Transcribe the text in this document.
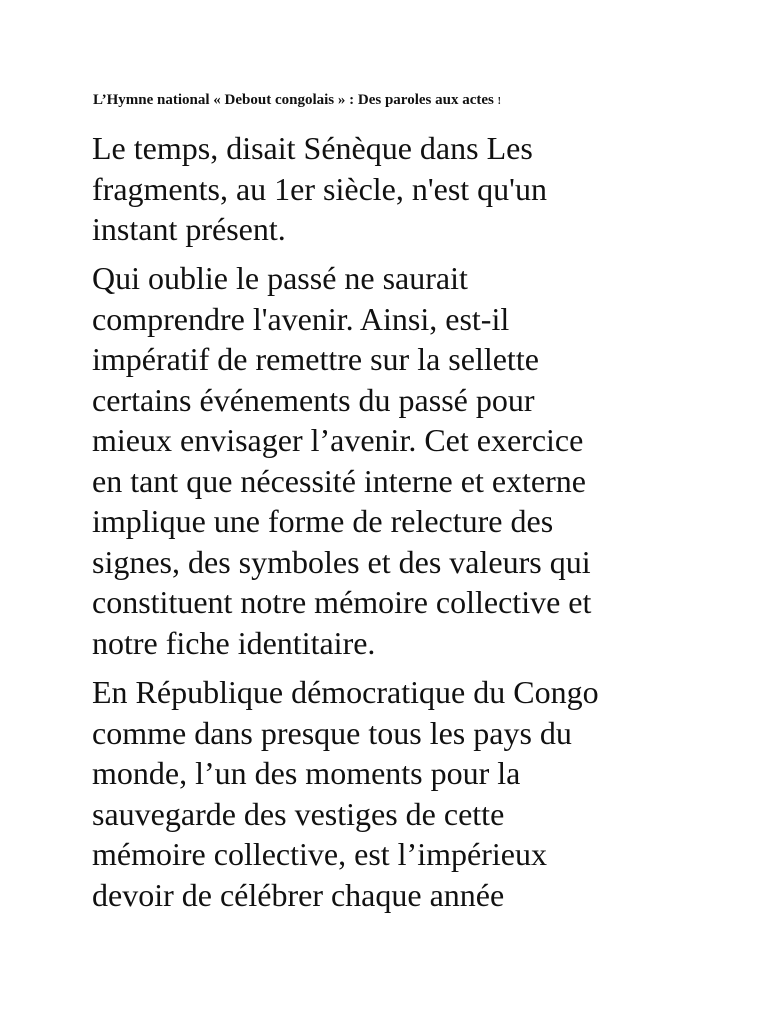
L’Hymne national « Debout congolais » : Des paroles aux actes !

Le temps, disait Sénèque dans Les
fragments, au 1er siècle, n'est qu'un
instant présent.

Qui oublie le passé ne saurait
comprendre l'avenir. Ainsi, est-il
impératif de remettre sur la sellette
certains événements du passé pour
mieux envisager l’avenir. Cet exercice
en tant que nécessité interne et externe
implique une forme de relecture des
signes, des symboles et des valeurs qui
constituent notre mémoire collective et
notre fiche identitaire.

En République démocratique du Congo
comme dans presque tous les pays du
monde, l’un des moments pour la
sauvegarde des vestiges de cette
mémoire collective, est l’impérieux
devoir de célébrer chaque année
